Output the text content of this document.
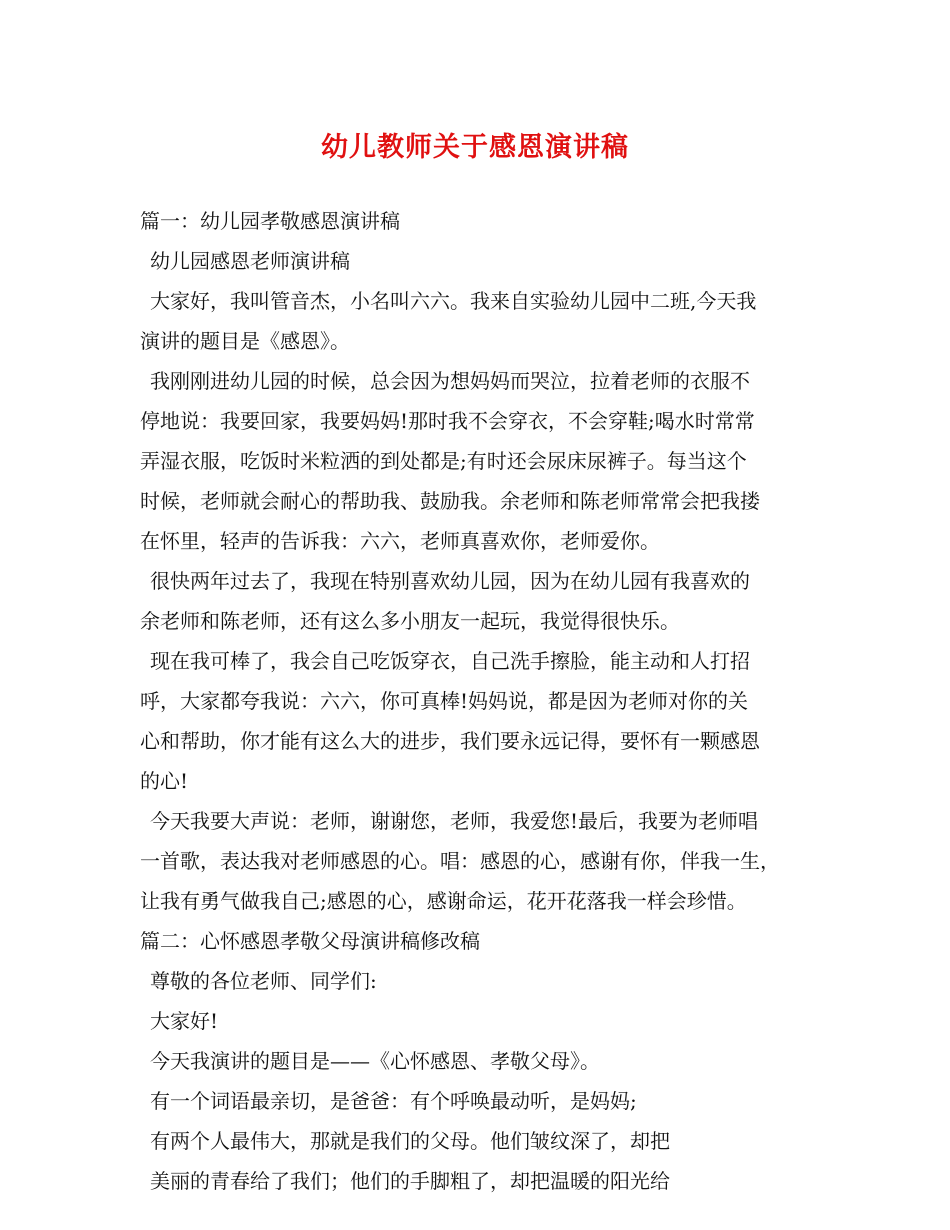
幼儿教师关于感恩演讲稿
篇一：幼儿园孝敬感恩演讲稿
幼儿园感恩老师演讲稿
大家好，我叫管音杰，小名叫六六。我来自实验幼儿园中二班,今天我
演讲的题目是《感恩》。
我刚刚进幼儿园的时候，总会因为想妈妈而哭泣，拉着老师的衣服不
停地说：我要回家，我要妈妈!那时我不会穿衣，不会穿鞋;喝水时常常
弄湿衣服，吃饭时米粒洒的到处都是;有时还会尿床尿裤子。每当这个
时候，老师就会耐心的帮助我、鼓励我。余老师和陈老师常常会把我搂
在怀里，轻声的告诉我：六六，老师真喜欢你，老师爱你。
很快两年过去了，我现在特别喜欢幼儿园，因为在幼儿园有我喜欢的
余老师和陈老师，还有这么多小朋友一起玩，我觉得很快乐。
现在我可棒了，我会自己吃饭穿衣，自己洗手擦脸，能主动和人打招
呼，大家都夸我说：六六，你可真棒!妈妈说，都是因为老师对你的关
心和帮助，你才能有这么大的进步，我们要永远记得，要怀有一颗感恩
的心!
今天我要大声说：老师，谢谢您，老师，我爱您!最后，我要为老师唱
一首歌，表达我对老师感恩的心。唱：感恩的心，感谢有你，伴我一生，
让我有勇气做我自己;感恩的心，感谢命运，花开花落我一样会珍惜。
篇二：心怀感恩孝敬父母演讲稿修改稿
尊敬的各位老师、同学们:
大家好!
今天我演讲的题目是——《心怀感恩、孝敬父母》。
有一个词语最亲切，是爸爸：有个呼唤最动听，是妈妈;
有两个人最伟大，那就是我们的父母。他们皱纹深了，却把
美丽的青春给了我们；他们的手脚粗了，却把温暖的阳光给
